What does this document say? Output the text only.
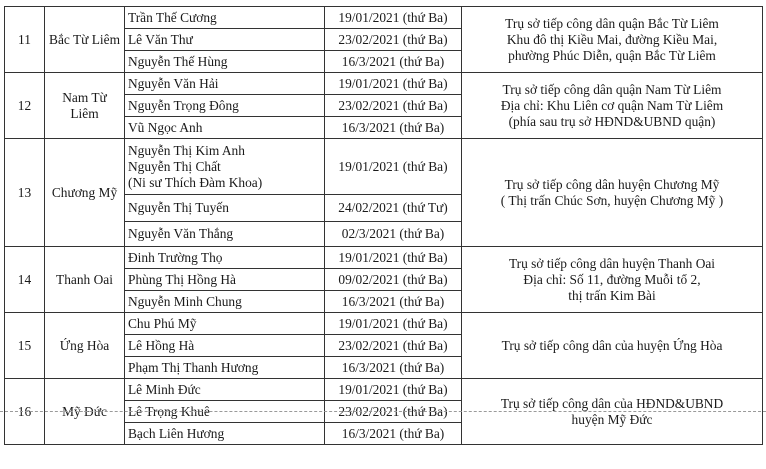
11	Bắc Từ Liêm	Trần Thế Cương	19/01/2021 (thứ Ba)	Trụ sở tiếp công dân quận Bắc Từ Liêm
Khu đô thị Kiều Mai, đường Kiều Mai,
phường Phúc Diễn, quận Bắc Từ Liêm

		Lê Văn Thư	23/02/2021 (thứ Ba)	
		Nguyễn Thế Hùng	16/3/2021 (thứ Ba)	
12	Nam Từ Liêm	Nguyễn Văn Hải	19/01/2021 (thứ Ba)	Trụ sở tiếp công dân quận Nam Từ Liêm
Địa chỉ: Khu Liên cơ quận Nam Từ Liêm
(phía sau trụ sở HĐND&UBND quận)

		Nguyễn Trọng Đông	23/02/2021 (thứ Ba)	
		Vũ Ngọc Anh	16/3/2021 (thứ Ba)	
13	Chương Mỹ	Nguyễn Thị Kim Anh
Nguyễn Thị Chất
(Ni sư Thích Đàm Khoa)	19/01/2021 (thứ Ba)	Trụ sở tiếp công dân huyện Chương Mỹ
( Thị trấn Chúc Sơn, huyện Chương Mỹ )

		Nguyễn Thị Tuyến	24/02/2021 (thứ Tư)	
		Nguyễn Văn Thắng	02/3/2021 (thứ Ba)	
14	Thanh Oai	Đinh Trường Thọ	19/01/2021 (thứ Ba)	Trụ sở tiếp công dân huyện Thanh Oai
Địa chỉ: Số 11, đường Muỗi tổ 2,
thị trấn Kim Bài

		Phùng Thị Hồng Hà	09/02/2021 (thứ Ba)	
		Nguyễn Minh Chung	16/3/2021 (thứ Ba)	
15	Ứng Hòa	Chu Phú Mỹ	19/01/2021 (thứ Ba)	Trụ sở tiếp công dân của huyện Ứng Hòa

		Lê Hồng Hà	23/02/2021 (thứ Ba)	
		Phạm Thị Thanh Hương	16/3/2021 (thứ Ba)	
16	Mỹ Đức	Lê Minh Đức	19/01/2021 (thứ Ba)	Trụ sở tiếp công dân của HĐND&UBND
huyện Mỹ Đức

		Lê Trọng Khuê	23/02/2021 (thứ Ba)	
		Bạch Liên Hương	16/3/2021 (thứ Ba)	
